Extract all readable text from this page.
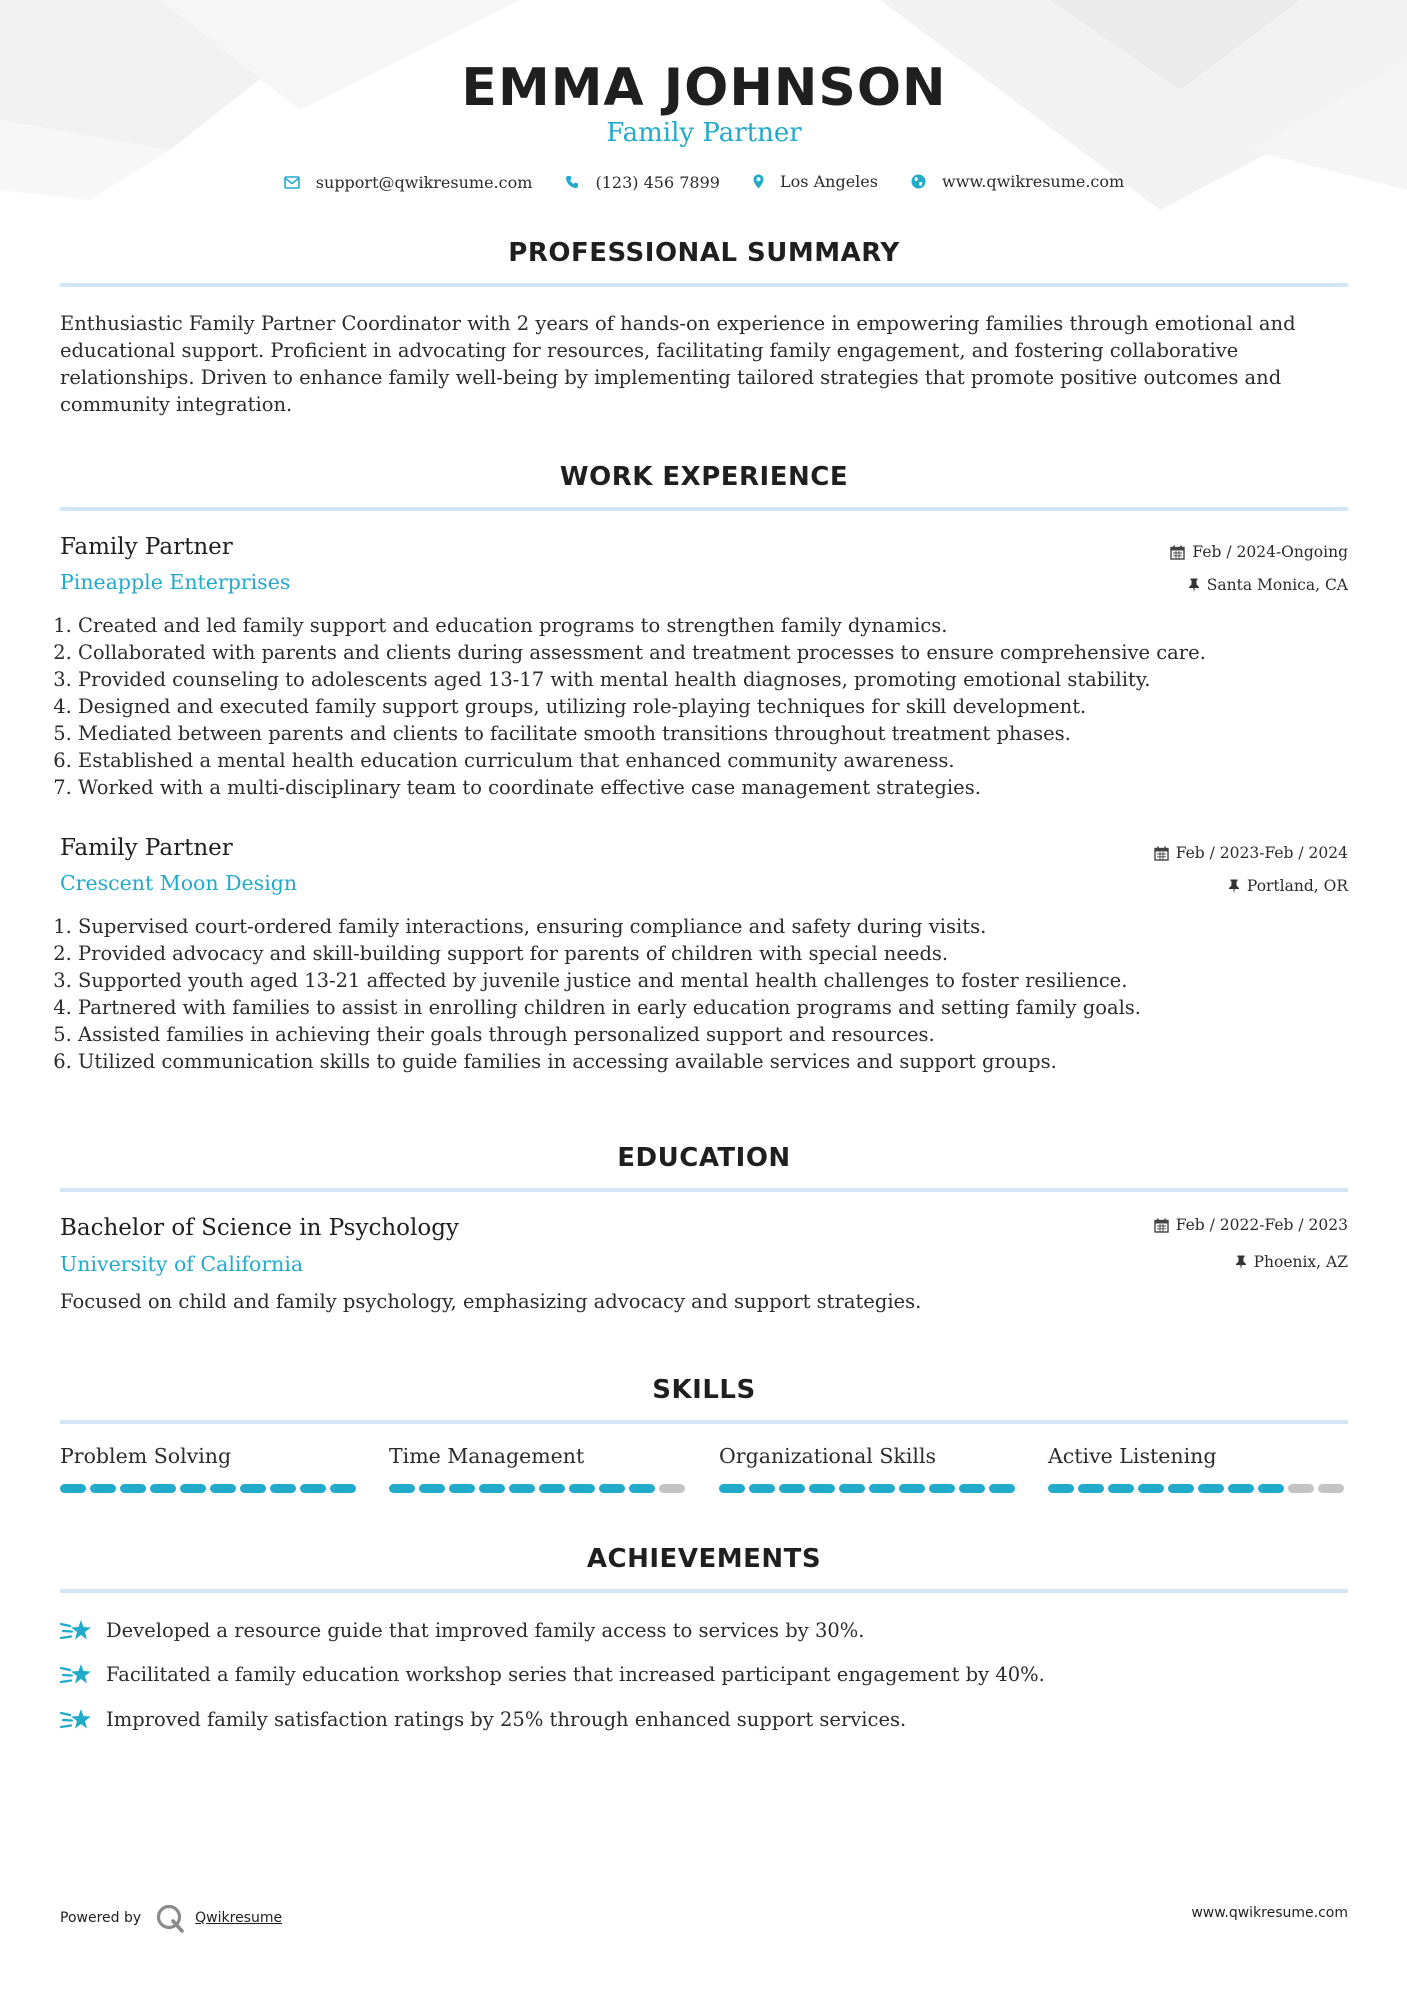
EMMA JOHNSON
Family Partner
support@qwikresume.com
	(123) 456 7899
	Los Angeles
	www.qwikresume.com
PROFESSIONAL SUMMARY
Enthusiastic Family Partner Coordinator with 2 years of hands-on experience in empowering families through emotional and educational support. Proficient in advocating for resources, facilitating family engagement, and fostering collaborative relationships. Driven to enhance family well-being by implementing tailored strategies that promote positive outcomes and community integration.
WORK EXPERIENCE
Family Partner
Pineapple Enterprises
Feb / 2024-Ongoing
Santa Monica, CA
1. Created and led family support and education programs to strengthen family dynamics.
2. Collaborated with parents and clients during assessment and treatment processes to ensure comprehensive care.
3. Provided counseling to adolescents aged 13-17 with mental health diagnoses, promoting emotional stability.
4. Designed and executed family support groups, utilizing role-playing techniques for skill development.
5. Mediated between parents and clients to facilitate smooth transitions throughout treatment phases.
6. Established a mental health education curriculum that enhanced community awareness.
7. Worked with a multi-disciplinary team to coordinate effective case management strategies.
Family Partner
Crescent Moon Design
Feb / 2023-Feb / 2024
Portland, OR
1. Supervised court-ordered family interactions, ensuring compliance and safety during visits.
2. Provided advocacy and skill-building support for parents of children with special needs.
3. Supported youth aged 13-21 affected by juvenile justice and mental health challenges to foster resilience.
4. Partnered with families to assist in enrolling children in early education programs and setting family goals.
5. Assisted families in achieving their goals through personalized support and resources.
6. Utilized communication skills to guide families in accessing available services and support groups.
EDUCATION
Bachelor of Science in Psychology
University of California
Feb / 2022-Feb / 2023
Phoenix, AZ
Focused on child and family psychology, emphasizing advocacy and support strategies.
SKILLS
Problem Solving	Time Management	Organizational Skills	Active Listening
ACHIEVEMENTS
Developed a resource guide that improved family access to services by 30%.
Facilitated a family education workshop series that increased participant engagement by 40%.
Improved family satisfaction ratings by 25% through enhanced support services.
Powered by	Qwikresume	www.qwikresume.com
